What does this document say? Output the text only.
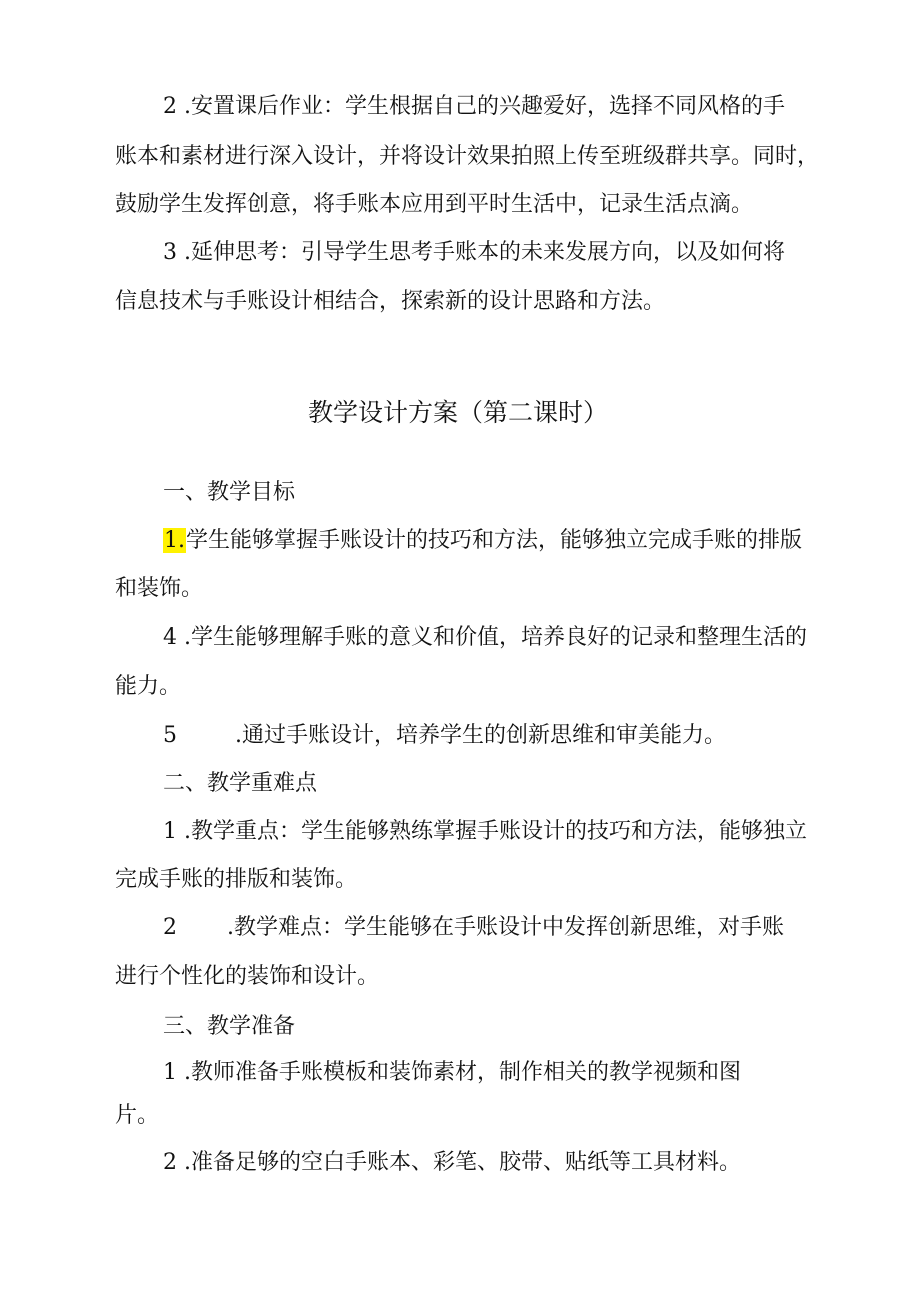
2 .安置课后作业：学生根据自己的兴趣爱好，选择不同风格的手
账本和素材进行深入设计，并将设计效果拍照上传至班级群共享。同时，
鼓励学生发挥创意，将手账本应用到平时生活中，记录生活点滴。
3 .延伸思考：引导学生思考手账本的未来发展方向，以及如何将
信息技术与手账设计相结合，探索新的设计思路和方法。
教学设计方案（第二课时）
一、教学目标
1.学生能够掌握手账设计的技巧和方法，能够独立完成手账的排版
和装饰。
4 .学生能够理解手账的意义和价值，培养良好的记录和整理生活的
能力。
5	.通过手账设计，培养学生的创新思维和审美能力。
二、教学重难点
1 .教学重点：学生能够熟练掌握手账设计的技巧和方法，能够独立
完成手账的排版和装饰。
2 .教学难点：学生能够在手账设计中发挥创新思维，对手账
进行个性化的装饰和设计。
三、教学准备
1 .教师准备手账模板和装饰素材，制作相关的教学视频和图
片。
2 .准备足够的空白手账本、彩笔、胶带、贴纸等工具材料。
